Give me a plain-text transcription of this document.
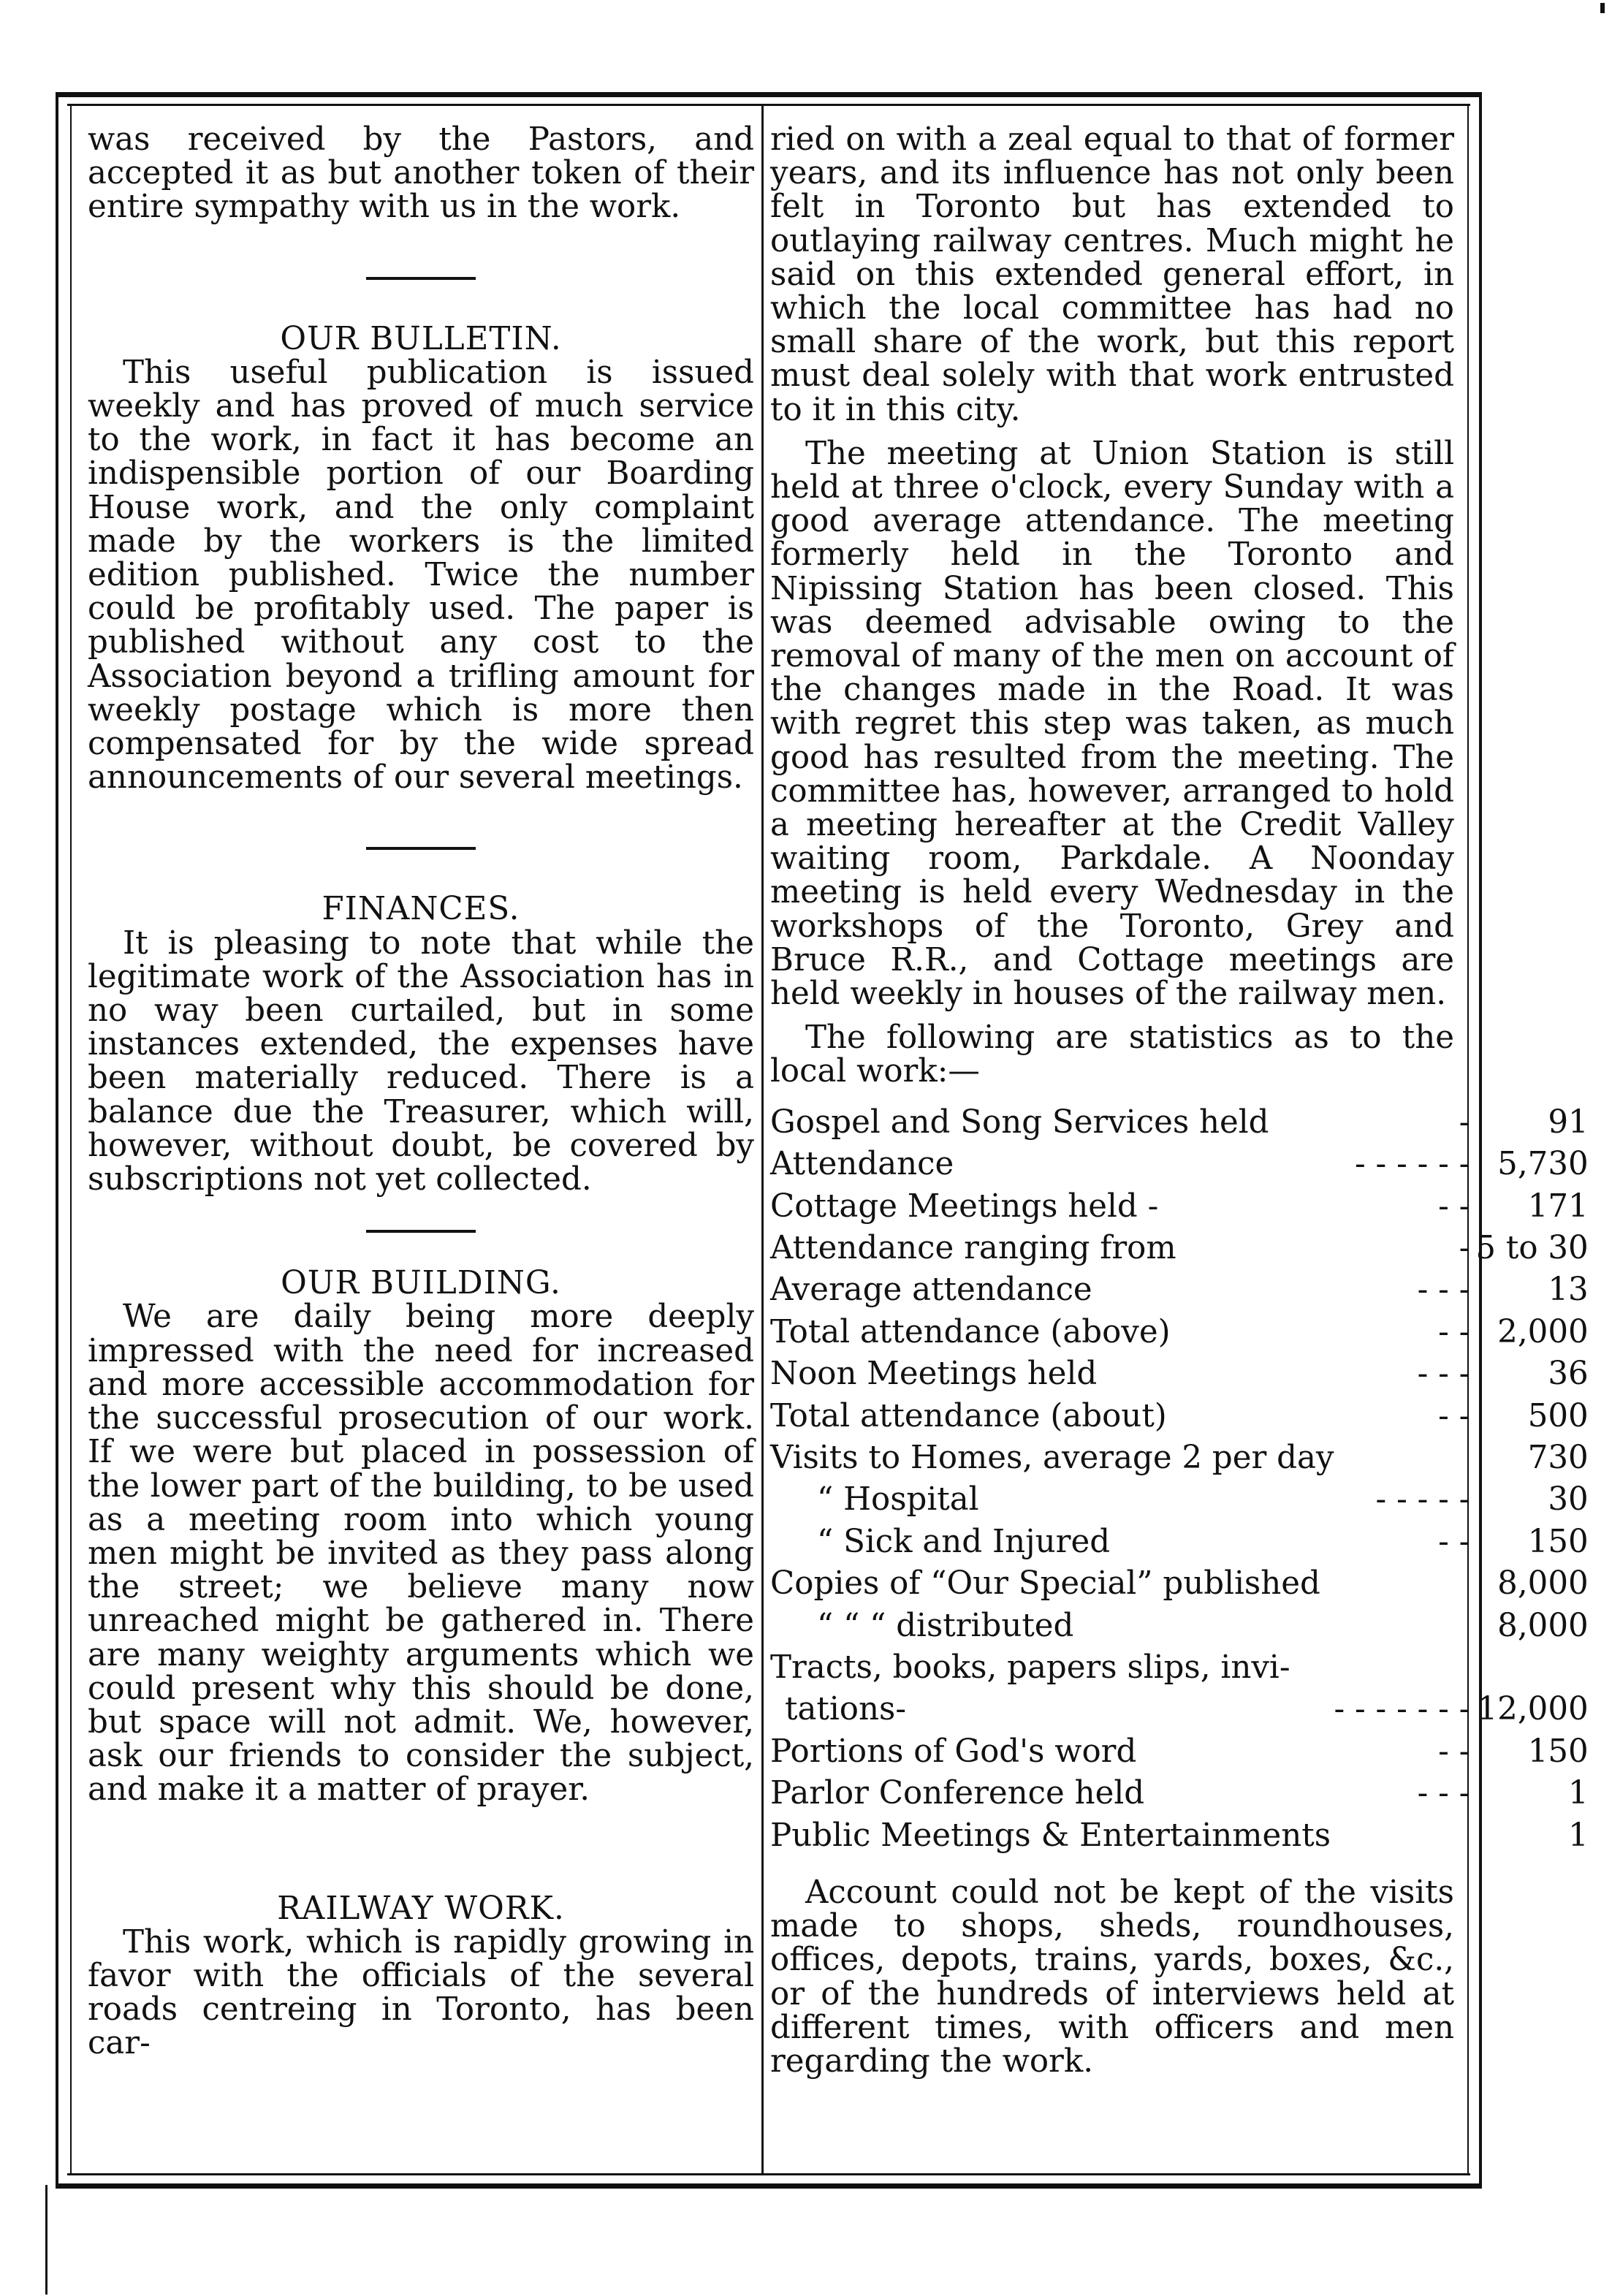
was received by the Pastors, and accepted it as but another token of their entire sympathy with us in the work.

OUR BULLETIN.

This useful publication is issued weekly and has proved of much service to the work, in fact it has become an indispensible portion of our Boarding House work, and the only complaint made by the workers is the limited edition published. Twice the number could be profitably used. The paper is published without any cost to the Association beyond a trifling amount for weekly postage which is more then compensated for by the wide spread announcements of our several meetings.

FINANCES.

It is pleasing to note that while the legitimate work of the Association has in no way been curtailed, but in some instances extended, the expenses have been materially reduced. There is a balance due the Treasurer, which will, however, without doubt, be covered by subscriptions not yet collected.

OUR BUILDING.

We are daily being more deeply impressed with the need for increased and more accessible accommodation for the successful prosecution of our work. If we were but placed in possession of the lower part of the building, to be used as a meeting room into which young men might be invited as they pass along the street; we believe many now unreached might be gathered in. There are many weighty arguments which we could present why this should be done, but space will not admit. We, however, ask our friends to consider the subject, and make it a matter of prayer.

RAILWAY WORK.

This work, which is rapidly growing in favor with the officials of the several roads centreing in Toronto, has been car-

ried on with a zeal equal to that of former years, and its influence has not only been felt in Toronto but has extended to outlaying railway centres. Much might he said on this extended general effort, in which the local committee has had no small share of the work, but this report must deal solely with that work entrusted to it in this city.

The meeting at Union Station is still held at three o'clock, every Sunday with a good average attendance. The meeting formerly held in the Toronto and Nipissing Station has been closed. This was deemed advisable owing to the removal of many of the men on account of the changes made in the Road. It was with regret this step was taken, as much good has resulted from the meeting. The committee has, however, arranged to hold a meeting hereafter at the Credit Valley waiting room, Parkdale. A Noonday meeting is held every Wednesday in the workshops of the Toronto, Grey and Bruce R.R., and Cottage meetings are held weekly in houses of the railway men.

The following are statistics as to the local work:—

Gospel and Song Services held	-	91
Attendance	- - - - - -	5,730
Cottage Meetings held -	- -	171
Attendance ranging from	-	5 to 30
Average attendance	- - -	13
Total attendance (above)	- -	2,000
Noon Meetings held	- - -	36
Total attendance (about)	- -	500
Visits to Homes, average 2 per day		730
“ Hospital	- - - - -	30
“ Sick and Injured	- -	150
Copies of “Our Special” published		8,000
“ “ “ distributed		8,000
Tracts, books, papers slips, invi-		
tations-	- - - - - - -	12,000
Portions of God's word	- -	150
Parlor Conference held	- - -	1
Public Meetings & Entertainments		1

Account could not be kept of the visits made to shops, sheds, roundhouses, offices, depots, trains, yards, boxes, &c., or of the hundreds of interviews held at different times, with officers and men regarding the work.
